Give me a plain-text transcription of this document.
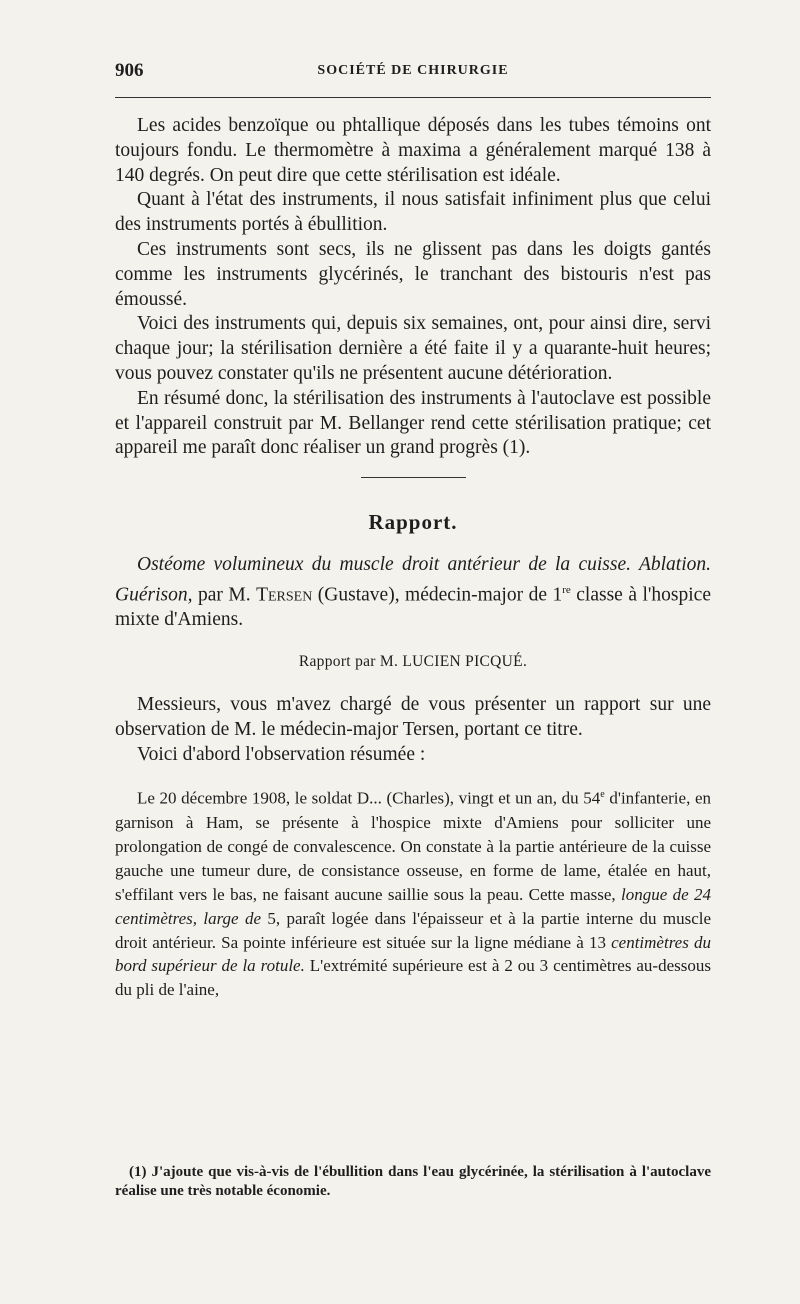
906	SOCIÉTÉ DE CHIRURGIE

Les acides benzoïque ou phtallique déposés dans les tubes témoins ont toujours fondu. Le thermomètre à maxima a généralement marqué 138 à 140 degrés. On peut dire que cette stérilisation est idéale.

Quant à l'état des instruments, il nous satisfait infiniment plus que celui des instruments portés à ébullition.

Ces instruments sont secs, ils ne glissent pas dans les doigts gantés comme les instruments glycérinés, le tranchant des bistouris n'est pas émoussé.

Voici des instruments qui, depuis six semaines, ont, pour ainsi dire, servi chaque jour; la stérilisation dernière a été faite il y a quarante-huit heures; vous pouvez constater qu'ils ne présentent aucune détérioration.

En résumé donc, la stérilisation des instruments à l'autoclave est possible et l'appareil construit par M. Bellanger rend cette stérilisation pratique; cet appareil me paraît donc réaliser un grand progrès (1).

Rapport.

Ostéome volumineux du muscle droit antérieur de la cuisse. Ablation. Guérison, par M. Tersen (Gustave), médecin-major de 1re classe à l'hospice mixte d'Amiens.

Rapport par M. LUCIEN PICQUÉ.

Messieurs, vous m'avez chargé de vous présenter un rapport sur une observation de M. le médecin-major Tersen, portant ce titre.

Voici d'abord l'observation résumée :

Le 20 décembre 1908, le soldat D... (Charles), vingt et un an, du 54e d'infanterie, en garnison à Ham, se présente à l'hospice mixte d'Amiens pour solliciter une prolongation de congé de convalescence. On constate à la partie antérieure de la cuisse gauche une tumeur dure, de consistance osseuse, en forme de lame, étalée en haut, s'effilant vers le bas, ne faisant aucune saillie sous la peau. Cette masse, longue de 24 centimètres, large de 5, paraît logée dans l'épaisseur et à la partie interne du muscle droit antérieur. Sa pointe inférieure est située sur la ligne médiane à 13 centimètres du bord supérieur de la rotule. L'extrémité supérieure est à 2 ou 3 centimètres au-dessous du pli de l'aine,

(1) J'ajoute que vis-à-vis de l'ébullition dans l'eau glycérinée, la stérilisation à l'autoclave réalise une très notable économie.
